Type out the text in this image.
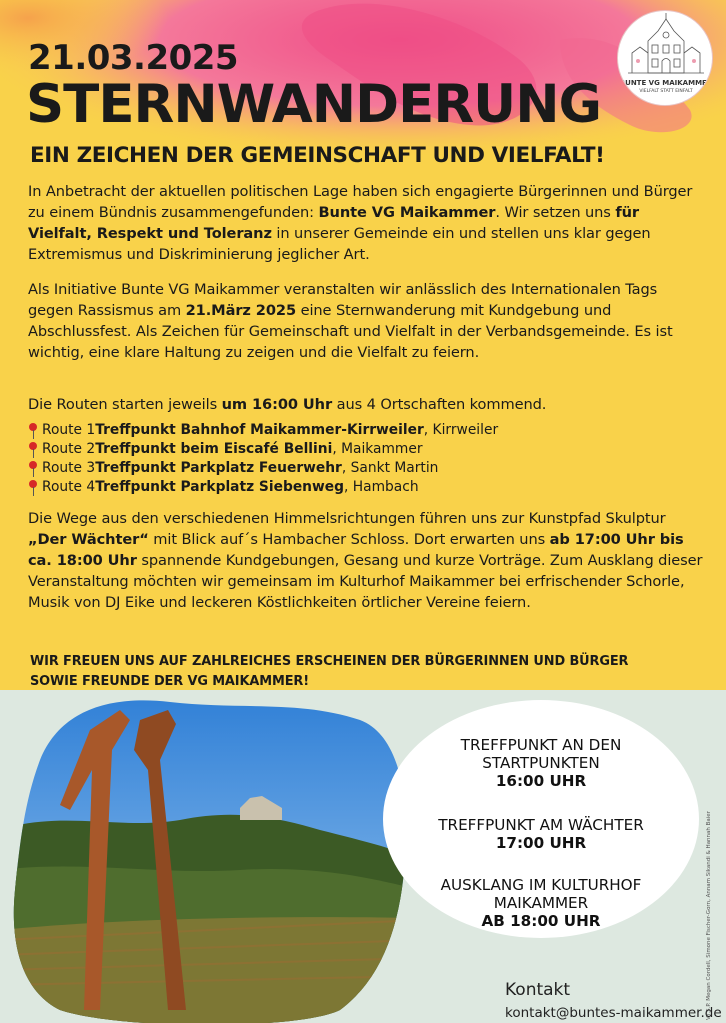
21.03.2025
STERNWANDERUNG
EIN ZEICHEN DER GEMEINSCHAFT UND VIELFALT!
BUNTE VG MAIKAMMER
VIELFALT STATT EINFALT

In Anbetracht der aktuellen politischen Lage haben sich engagierte Bürgerinnen und Bürger zu einem Bündnis zusammengefunden: Bunte VG Maikammer. Wir setzen uns für Vielfalt, Respekt und Toleranz in unserer Gemeinde ein und stellen uns klar gegen Extremismus und Diskriminierung jeglicher Art.

Als Initiative Bunte VG Maikammer veranstalten wir anlässlich des Internationalen Tags gegen Rassismus am 21.März 2025 eine Sternwanderung mit Kundgebung und Abschlussfest. Als Zeichen für Gemeinschaft und Vielfalt in der Verbandsgemeinde. Es ist wichtig, eine klare Haltung zu zeigen und die Vielfalt zu feiern.

Die Routen starten jeweils um 16:00 Uhr aus 4 Ortschaften kommend.

Route 1 Treffpunkt Bahnhof Maikammer-Kirrweiler , Kirrweiler
Route 2 Treffpunkt beim Eiscafé Bellini , Maikammer
Route 3 Treffpunkt Parkplatz Feuerwehr , Sankt Martin
Route 4 Treffpunkt Parkplatz Siebenweg , Hambach

Die Wege aus den verschiedenen Himmelsrichtungen führen uns zur Kunstpfad Skulptur „Der Wächter“ mit Blick auf´s Hambacher Schloss. Dort erwarten uns ab 17:00 Uhr bis ca. 18:00 Uhr spannende Kundgebungen, Gesang und kurze Vorträge. Zum Ausklang dieser Veranstaltung möchten wir gemeinsam im Kulturhof Maikammer bei erfrischender Schorle, Musik von DJ Eike und leckeren Köstlichkeiten örtlicher Vereine feiern.

WIR FREUEN UNS AUF ZAHLREICHES ERSCHEINEN DER BÜRGERINNEN UND BÜRGER
SOWIE FREUNDE DER VG MAIKAMMER!
TREFFPUNKT AN DEN
STARTPUNKTEN
16:00 UHR
TREFFPUNKT AM WÄCHTER
17:00 UHR
AUSKLANG IM KULTURHOF
MAIKAMMER
AB 18:00 UHR
Kontakt
kontakt@buntes-maikammer.de
V.i.S.P. Megan Cordell, Simone Fischer-Gorn, Annam Sikandi & Hannah Baier
